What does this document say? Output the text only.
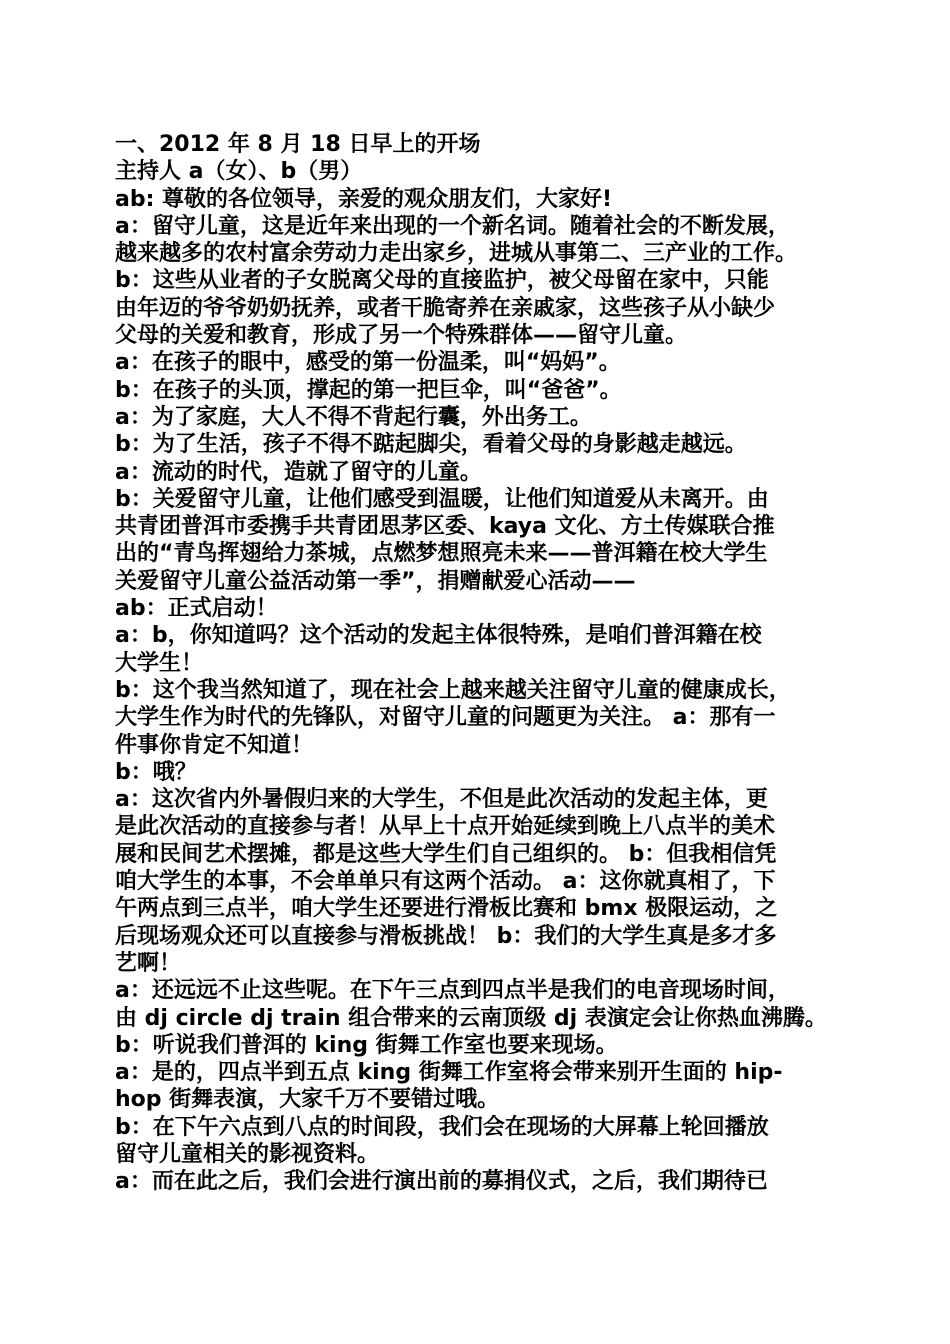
一、2012 年 8 月 18 日早上的开场
主持人 a（女）、b（男）
ab: 尊敬的各位领导，亲爱的观众朋友们，大家好!
a：留守儿童，这是近年来出现的一个新名词。随着社会的不断发展，
越来越多的农村富余劳动力走出家乡，进城从事第二、三产业的工作。
b：这些从业者的子女脱离父母的直接监护，被父母留在家中，只能
由年迈的爷爷奶奶抚养，或者干脆寄养在亲戚家，这些孩子从小缺少
父母的关爱和教育，形成了另一个特殊群体——留守儿童。
a：在孩子的眼中，感受的第一份温柔，叫“妈妈”。
b：在孩子的头顶，撑起的第一把巨伞，叫“爸爸”。
a：为了家庭，大人不得不背起行囊，外出务工。
b：为了生活，孩子不得不踮起脚尖，看着父母的身影越走越远。
a：流动的时代，造就了留守的儿童。
b：关爱留守儿童，让他们感受到温暖，让他们知道爱从未离开。由
共青团普洱市委携手共青团思茅区委、kaya 文化、方土传媒联合推
出的“青鸟挥翅给力茶城，点燃梦想照亮未来——普洱籍在校大学生
关爱留守儿童公益活动第一季”，捐赠献爱心活动——
ab：正式启动！
a：b，你知道吗？这个活动的发起主体很特殊，是咱们普洱籍在校
大学生！
b：这个我当然知道了，现在社会上越来越关注留守儿童的健康成长，
大学生作为时代的先锋队，对留守儿童的问题更为关注。 a：那有一
件事你肯定不知道！
b：哦？
a：这次省内外暑假归来的大学生，不但是此次活动的发起主体，更
是此次活动的直接参与者！从早上十点开始延续到晚上八点半的美术
展和民间艺术摆摊，都是这些大学生们自己组织的。 b：但我相信凭
咱大学生的本事，不会单单只有这两个活动。 a：这你就真相了，下
午两点到三点半，咱大学生还要进行滑板比赛和 bmx 极限运动，之
后现场观众还可以直接参与滑板挑战！ b：我们的大学生真是多才多
艺啊！
a：还远远不止这些呢。在下午三点到四点半是我们的电音现场时间，
由 dj circle dj train 组合带来的云南顶级 dj 表演定会让你热血沸腾。
b：听说我们普洱的 king 街舞工作室也要来现场。
a：是的，四点半到五点 king 街舞工作室将会带来别开生面的 hip-
hop 街舞表演，大家千万不要错过哦。
b：在下午六点到八点的时间段，我们会在现场的大屏幕上轮回播放
留守儿童相关的影视资料。
a：而在此之后，我们会进行演出前的募捐仪式，之后，我们期待已
